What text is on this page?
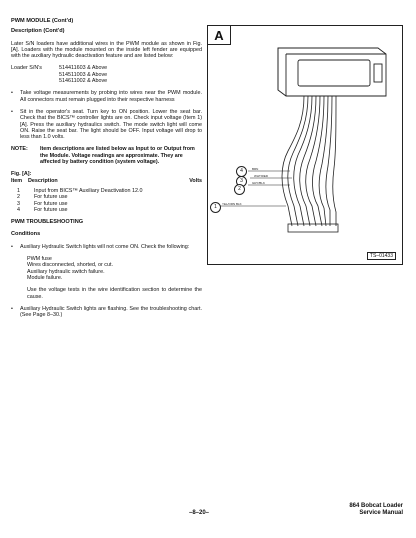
PWM MODULE (Cont'd)

Description (Cont'd)

Later S/N loaders have additional wires in the PWM module as shown in Fig. [A]. Loaders with the module mounted on the inside left fender are equipped with the auxiliary hydraulic deactivation feature and are listed below:

Loader S/N's	514411603 & Above

514511003 & Above

514611002 & Above

•	Take voltage measurements by probing into wires near the PWM module. All connectors must remain plugged into their respective harness
•	Sit in the operator's seat. Turn key to ON position. Lower the seat bar. Check that the BICS™ controller lights are on. Check input voltage (Item 1) [A]. Press the auxiliary hydraulics switch. The mode switch light will come ON. Raise the seat bar. The light should be OFF. Input voltage will drop to less than 1.0 volts.
NOTE:	Item descriptions are listed below as Input to or Output from the Module. Voltage readings are approximate. They are affected by battery condition (system voltage).

Fig. [A]:

Item	Description	Volts
1	Input from BICS™ Auxiliary Deactivation 12.0
2	For future use
3	For future use
4	For future use

PWM TROUBLESHOOTING

Conditions

•	Auxiliary Hydraulic Switch lights will not come ON. Check the following:

PWM fuse

Wires disconnected, shorted, or cut.

Auxiliary hydraulic switch failure.

Module failure.

Use the voltage tests in the wire identification section to determine the cause.

•	Auxiliary Hydraulic Switch lights are flashing. See the troubleshooting chart. (See Page 8–30.)
A
BRN
WHT/RED
GRY/BLK
YEL/ORN BLK
4
3
2
1
TS–01433
864 Bobcat Loader
Service Manual
–8–20–
